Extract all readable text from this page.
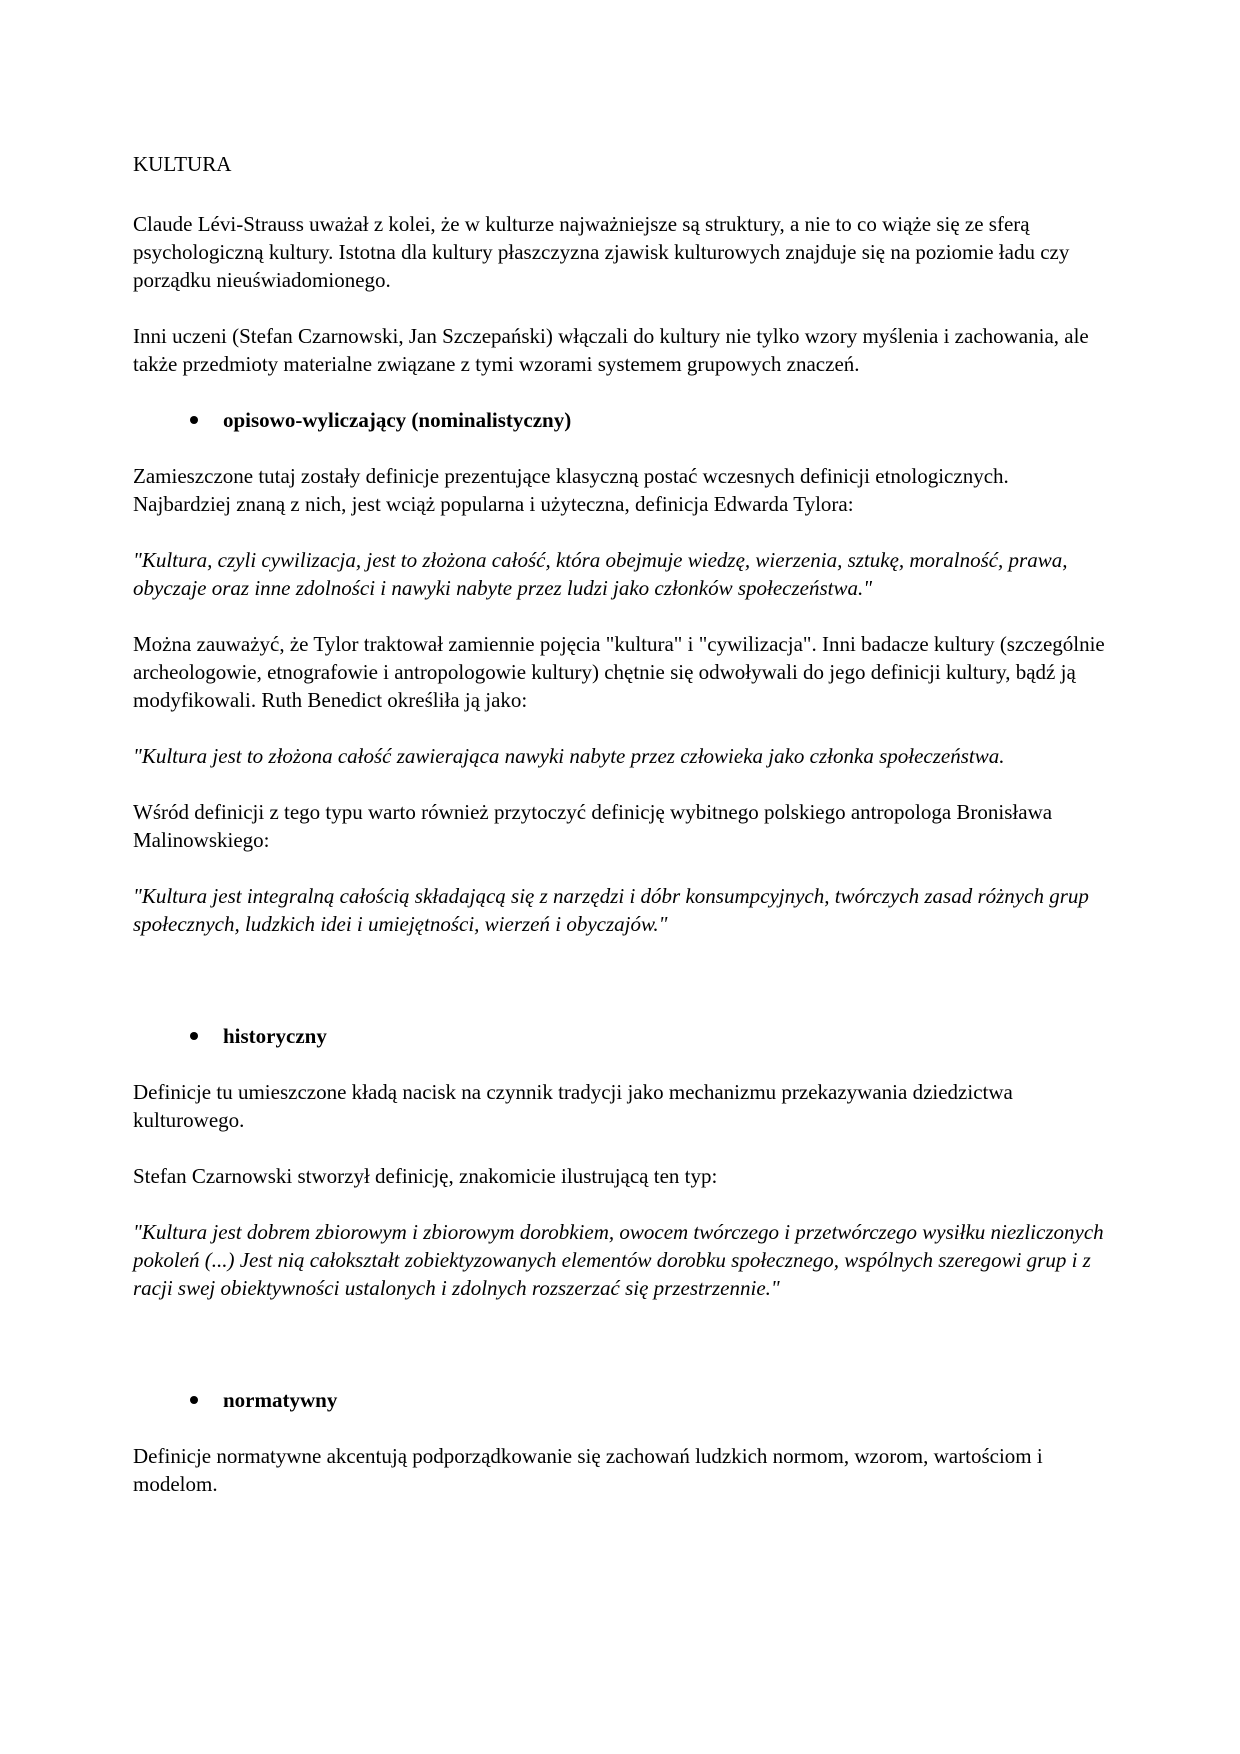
KULTURA

Claude Lévi-Strauss uważał z kolei, że w kulturze najważniejsze są struktury, a nie to co wiąże się ze sferą psychologiczną kultury. Istotna dla kultury płaszczyzna zjawisk kulturowych znajduje się na poziomie ładu czy porządku nieuświadomionego.

Inni uczeni (Stefan Czarnowski, Jan Szczepański) włączali do kultury nie tylko wzory myślenia i zachowania, ale także przedmioty materialne związane z tymi wzorami systemem grupowych znaczeń.

opisowo-wyliczający (nominalistyczny)

Zamieszczone tutaj zostały definicje prezentujące klasyczną postać wczesnych definicji etnologicznych. Najbardziej znaną z nich, jest wciąż popularna i użyteczna, definicja Edwarda Tylora:

"Kultura, czyli cywilizacja, jest to złożona całość, która obejmuje wiedzę, wierzenia, sztukę, moralność, prawa, obyczaje oraz inne zdolności i nawyki nabyte przez ludzi jako członków społeczeństwa."

Można zauważyć, że Tylor traktował zamiennie pojęcia "kultura" i "cywilizacja". Inni badacze kultury (szczególnie archeologowie, etnografowie i antropologowie kultury) chętnie się odwoływali do jego definicji kultury, bądź ją modyfikowali. Ruth Benedict określiła ją jako:

"Kultura jest to złożona całość zawierająca nawyki nabyte przez człowieka jako członka społeczeństwa.

Wśród definicji z tego typu warto również przytoczyć definicję wybitnego polskiego antropologa Bronisława Malinowskiego:

"Kultura jest integralną całością składającą się z narzędzi i dóbr konsumpcyjnych, twórczych zasad różnych grup społecznych, ludzkich idei i umiejętności, wierzeń i obyczajów."

historyczny

Definicje tu umieszczone kładą nacisk na czynnik tradycji jako mechanizmu przekazywania dziedzictwa kulturowego.

Stefan Czarnowski stworzył definicję, znakomicie ilustrującą ten typ:

"Kultura jest dobrem zbiorowym i zbiorowym dorobkiem, owocem twórczego i przetwórczego wysiłku niezliczonych pokoleń (...) Jest nią całokształt zobiektyzowanych elementów dorobku społecznego, wspólnych szeregowi grup i z racji swej obiektywności ustalonych i zdolnych rozszerzać się przestrzennie."

normatywny

Definicje normatywne akcentują podporządkowanie się zachowań ludzkich normom, wzorom, wartościom i modelom.
